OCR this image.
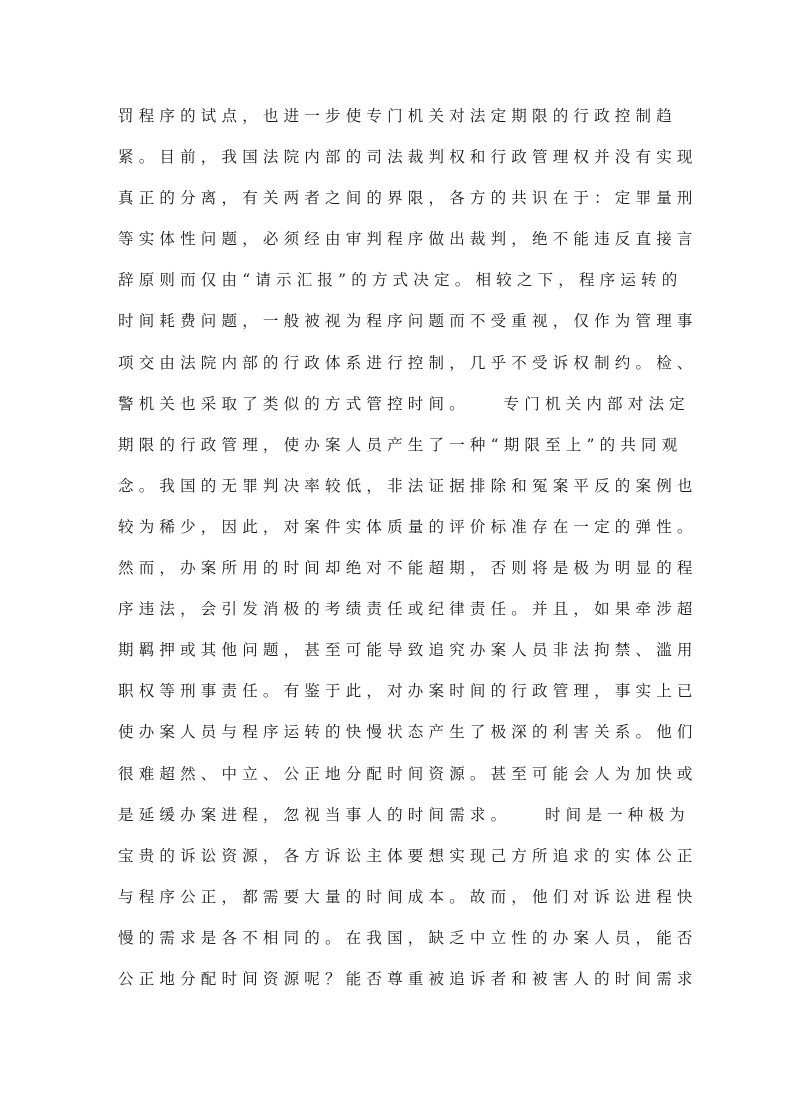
罚程序的试点，也进一步使专门机关对法定期限的行政控制趋
紧。目前，我国法院内部的司法裁判权和行政管理权并没有实现
真正的分离，有关两者之间的界限，各方的共识在于：定罪量刑
等实体性问题，必须经由审判程序做出裁判，绝不能违反直接言
辞原则而仅由“请示汇报”的方式决定。相较之下，程序运转的
时间耗费问题，一般被视为程序问题而不受重视，仅作为管理事
项交由法院内部的行政体系进行控制，几乎不受诉权制约。检、
警机关也采取了类似的方式管控时间。　　专门机关内部对法定
期限的行政管理，使办案人员产生了一种“期限至上”的共同观
念。我国的无罪判决率较低，非法证据排除和冤案平反的案例也
较为稀少，因此，对案件实体质量的评价标准存在一定的弹性。
然而，办案所用的时间却绝对不能超期，否则将是极为明显的程
序违法，会引发消极的考绩责任或纪律责任。并且，如果牵涉超
期羁押或其他问题，甚至可能导致追究办案人员非法拘禁、滥用
职权等刑事责任。有鉴于此，对办案时间的行政管理，事实上已
使办案人员与程序运转的快慢状态产生了极深的利害关系。他们
很难超然、中立、公正地分配时间资源。甚至可能会人为加快或
是延缓办案进程，忽视当事人的时间需求。　　时间是一种极为
宝贵的诉讼资源，各方诉讼主体要想实现己方所追求的实体公正
与程序公正，都需要大量的时间成本。故而，他们对诉讼进程快
慢的需求是各不相同的。在我国，缺乏中立性的办案人员，能否
公正地分配时间资源呢？能否尊重被追诉者和被害人的时间需求
